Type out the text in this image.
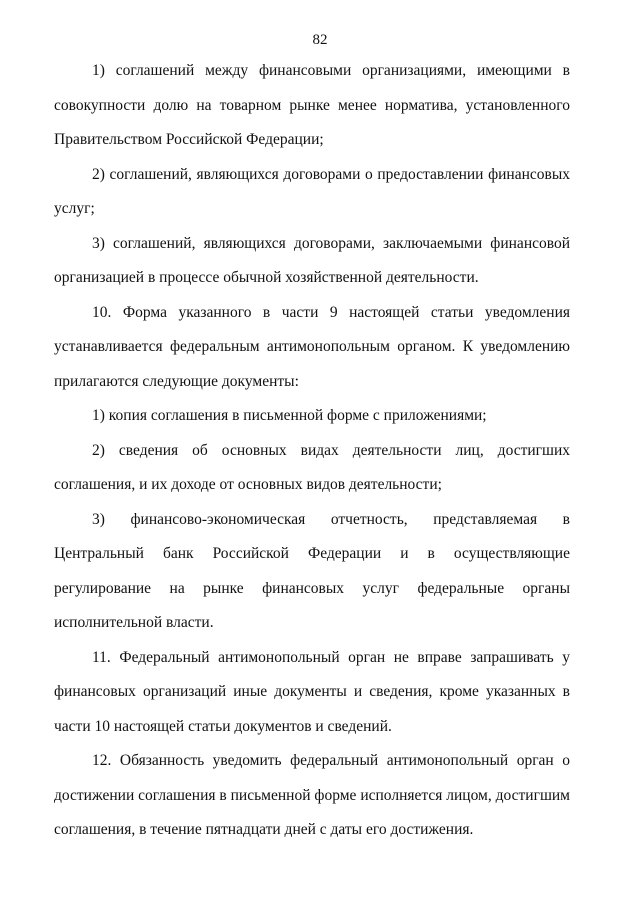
82

1) соглашений между финансовыми организациями, имеющими в совокупности долю на товарном рынке менее норматива, установленного Правительством Российской Федерации;

2) соглашений, являющихся договорами о предоставлении финансовых услуг;

3) соглашений, являющихся договорами, заключаемыми финансовой организацией в процессе обычной хозяйственной деятельности.

10. Форма указанного в части 9 настоящей статьи уведомления устанавливается федеральным антимонопольным органом. К уведомлению прилагаются следующие документы:

1) копия соглашения в письменной форме с приложениями;

2) сведения об основных видах деятельности лиц, достигших соглашения, и их доходе от основных видов деятельности;

3) финансово-экономическая отчетность, представляемая в Центральный банк Российской Федерации и в осуществляющие регулирование на рынке финансовых услуг федеральные органы исполнительной власти.

11. Федеральный антимонопольный орган не вправе запрашивать у финансовых организаций иные документы и сведения, кроме указанных в части 10 настоящей статьи документов и сведений.

12. Обязанность уведомить федеральный антимонопольный орган о достижении соглашения в письменной форме исполняется лицом, достигшим соглашения, в течение пятнадцати дней с даты его достижения.
